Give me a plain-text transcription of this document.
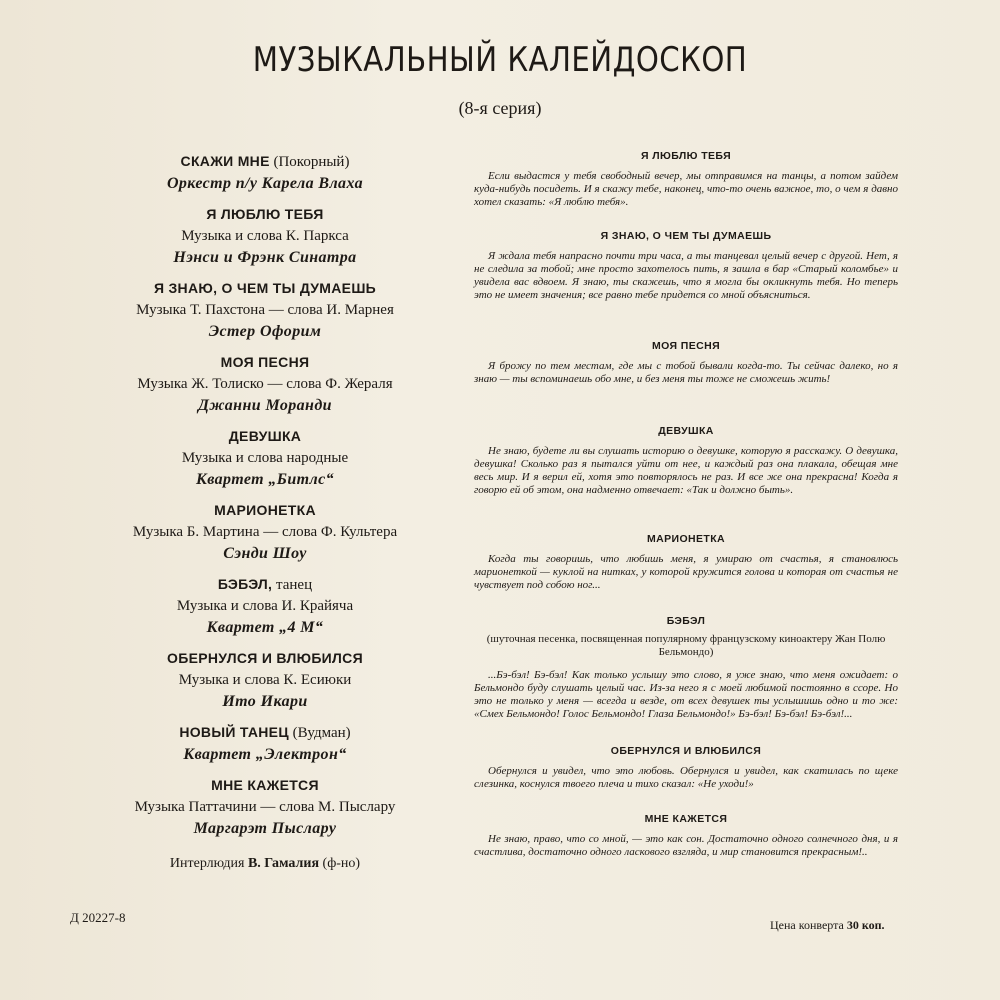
МУЗЫКАЛЬНЫЙ КАЛЕЙДОСКОП
(8-я серия)
СКАЖИ МНЕ (Покорный)
Оркестр п/у Карела Влаха
Я ЛЮБЛЮ ТЕБЯ
Музыка и слова К. Паркса
Нэнси и Фрэнк Синатра
Я ЗНАЮ, О ЧЕМ ТЫ ДУМАЕШЬ
Музыка Т. Пахстона — слова И. Марнея
Эстер Офорим
МОЯ ПЕСНЯ
Музыка Ж. Толиско — слова Ф. Жераля
Джанни Моранди
ДЕВУШКА
Музыка и слова народные
Квартет „Битлс“
МАРИОНЕТКА
Музыка Б. Мартина — слова Ф. Культера
Сэнди Шоу
БЭБЭЛ, танец
Музыка и слова И. Крайяча
Квартет „4 М“
ОБЕРНУЛСЯ И ВЛЮБИЛСЯ
Музыка и слова К. Есиюки
Ито Икари
НОВЫЙ ТАНЕЦ (Вудман)
Квартет „Электрон“
МНЕ КАЖЕТСЯ
Музыка Паттачини — слова М. Пыслару
Маргарэт Пыслару
Интерлюдия В. Гамалия (ф-но)
Д 20227-8	Цена конверта 30 коп.
Я ЛЮБЛЮ ТЕБЯ
Если выдастся у тебя свободный вечер, мы отправимся на танцы, а потом зайдем куда-нибудь посидеть. И я скажу тебе, наконец, что-то очень важное, то, о чем я давно хотел сказать: «Я люблю тебя».
Я ЗНАЮ, О ЧЕМ ТЫ ДУМАЕШЬ
Я ждала тебя напрасно почти три часа, а ты танцевал целый вечер с другой. Нет, я не следила за тобой; мне просто захотелось пить, я зашла в бар «Старый коломбье» и увидела вас вдвоем. Я знаю, ты скажешь, что я могла бы окликнуть тебя. Но теперь это не имеет значения; все равно тебе придется со мной объясниться.
МОЯ ПЕСНЯ
Я брожу по тем местам, где мы с тобой бывали когда-то. Ты сейчас далеко, но я знаю — ты вспоминаешь обо мне, и без меня ты тоже не сможешь жить!
ДЕВУШКА
Не знаю, будете ли вы слушать историю о девушке, которую я расскажу. О девушка, девушка! Сколько раз я пытался уйти от нее, и каждый раз она плакала, обещая мне весь мир. И я верил ей, хотя это повторялось не раз. И все же она прекрасна! Когда я говорю ей об этом, она надменно отвечает: «Так и должно быть».
МАРИОНЕТКА
Когда ты говоришь, что любишь меня, я умираю от счастья, я становлюсь марионеткой — куклой на нитках, у которой кружится голова и которая от счастья не чувствует под собою ног...
БЭБЭЛ
(шуточная песенка, посвященная популярному французскому киноактеру Жан Полю Бельмондо)
...Бэ-бэл! Бэ-бэл! Как только услышу это слово, я уже знаю, что меня ожидает: о Бельмондо буду слушать целый час. Из-за него я с моей любимой постоянно в ссоре. Но это не только у меня — всегда и везде, от всех девушек ты услышишь одно и то же: «Смех Бельмондо! Голос Бельмондо! Глаза Бельмондо!» Бэ-бэл! Бэ-бэл! Бэ-бэл!...
ОБЕРНУЛСЯ И ВЛЮБИЛСЯ
Обернулся и увидел, что это любовь. Обернулся и увидел, как скатилась по щеке слезинка, коснулся твоего плеча и тихо сказал: «Не уходи!»
МНЕ КАЖЕТСЯ
Не знаю, право, что со мной, — это как сон. Достаточно одного солнечного дня, и я счастлива, достаточно одного ласкового взгляда, и мир становится прекрасным!..
